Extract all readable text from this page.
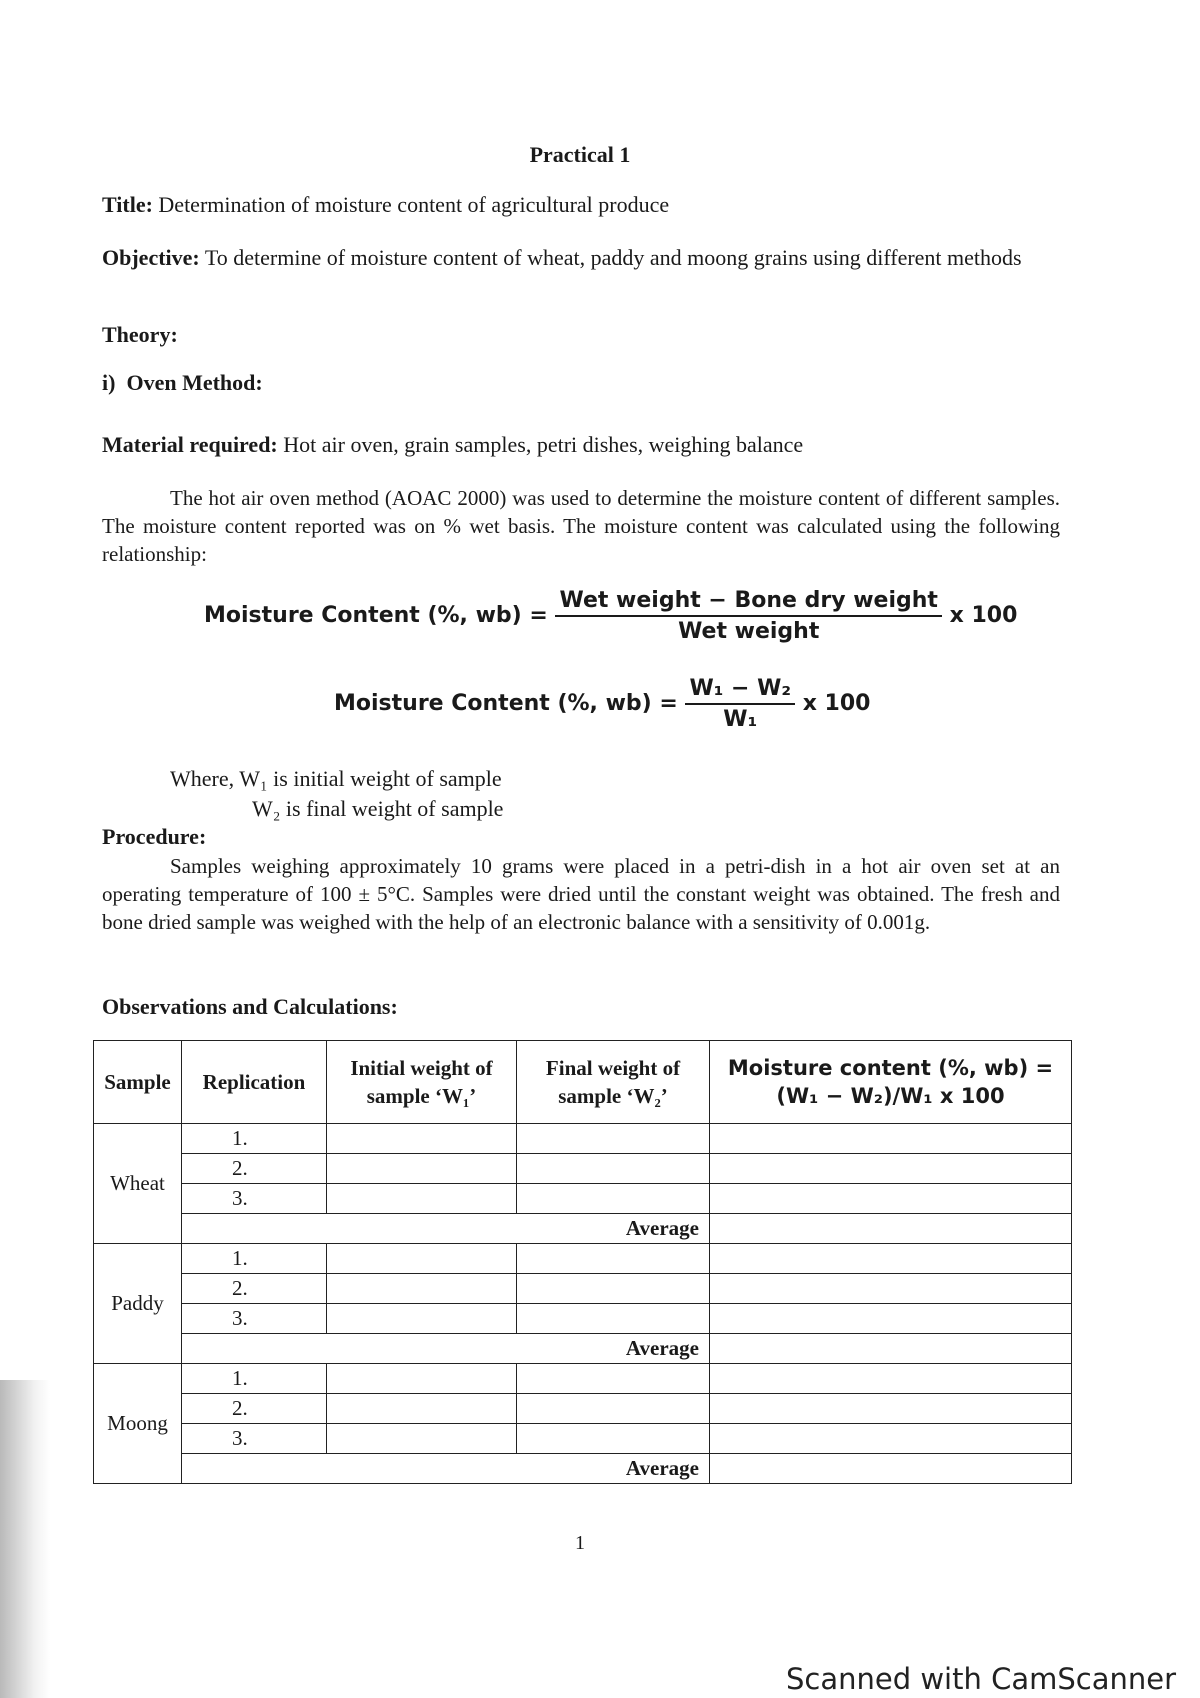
Practical 1
Title: Determination of moisture content of agricultural produce
Objective: To determine of moisture content of wheat, paddy and moong grains using different methods
Theory:
i) Oven Method:
Material required: Hot air oven, grain samples, petri dishes, weighing balance
The hot air oven method (AOAC 2000) was used to determine the moisture content of different samples. The moisture content reported was on % wet basis. The moisture content was calculated using the following relationship:
Moisture Content (%, $wb) = \frac{\text{Wet weight − Bone dry weight}}{\text{Wet weight}}$ x 100
Moisture Content (%, $wb) = \frac{\text{W₁ − W₂}}{\text{W₁}}$ x 100
Where, W₁ is initial weight of sample
W₂ is final weight of sample
Procedure:
Samples weighing approximately 10 grams were placed in a petri-dish in a hot air oven set at an operating temperature of 100 ± 5°C. Samples were dried until the constant weight was obtained. The fresh and bone dried sample was weighed with the help of an electronic balance with a sensitivity of 0.001g.
Observations and Calculations:
Sample	Replication	Initial weight of sample ‘W₁’	Final weight of sample ‘W₂’	Moisture content (%, wb) = (W₁ − W₂)/W₁ x 100
Wheat	1.			
	2.			
	3.			
	Average			
Paddy	1.			
	2.			
	3.			
	Average			
Moong	1.			
	2.			
	3.			
	Average			
1
Scanned with CamScanner
